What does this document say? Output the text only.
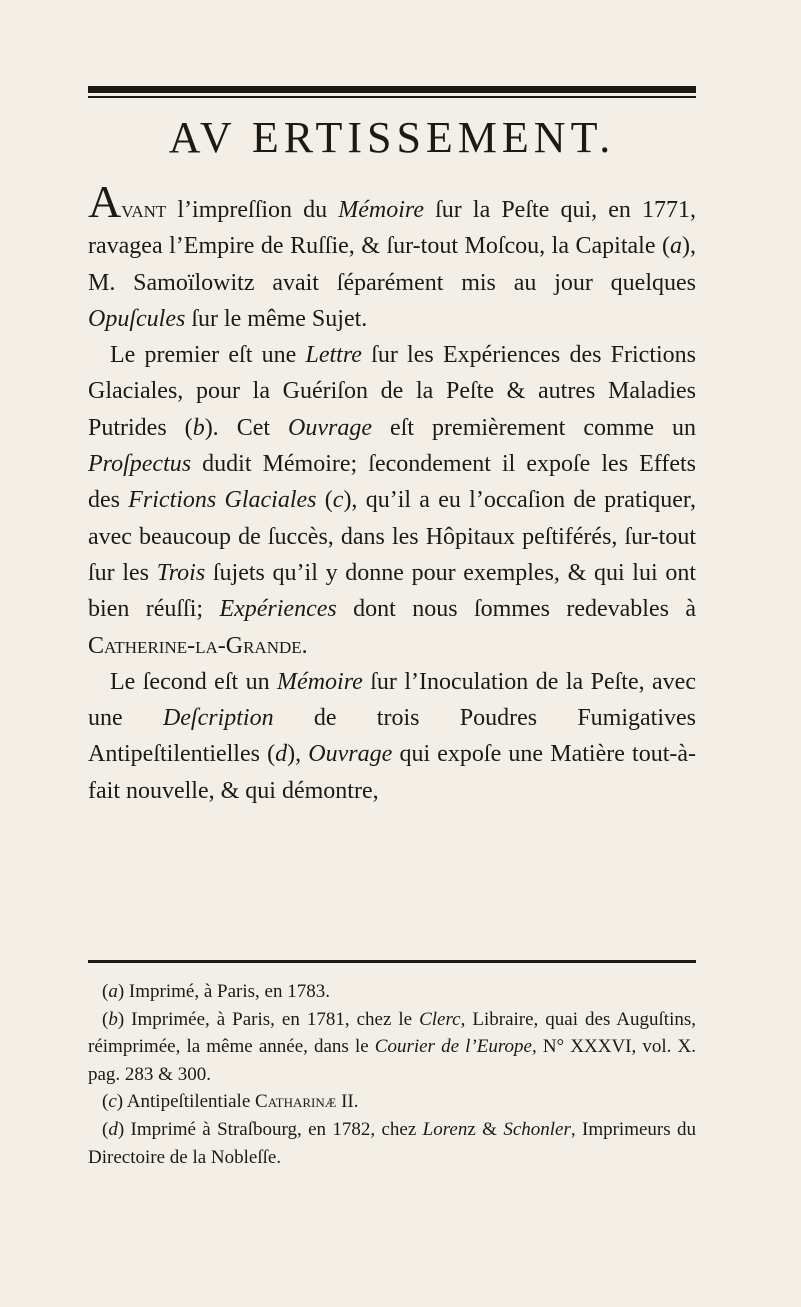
AV ERTISSEMENT.

Avant l’impreſſion du Mémoire ſur la Peſte qui, en 1771, ravagea l’Empire de Ruſſie, & ſur-tout Moſcou, la Capitale (a), M. Samoïlowitz avait ſéparément mis au jour quelques Opuſcules ſur le même Sujet.

Le premier eſt une Lettre ſur les Expériences des Frictions Glaciales, pour la Guériſon de la Peſte & autres Maladies Putrides (b). Cet Ouvrage eſt premièrement comme un Proſpectus dudit Mémoire; ſecondement il expoſe les Effets des Frictions Glaciales (c), qu’il a eu l’occaſion de pratiquer, avec beaucoup de ſuccès, dans les Hôpitaux peſtiférés, ſur-tout ſur les Trois ſujets qu’il y donne pour exemples, & qui lui ont bien réuſſi; Expériences dont nous ſommes redevables à Catherine-la-Grande.

Le ſecond eſt un Mémoire ſur l’Inoculation de la Peſte, avec une Deſcription de trois Poudres Fumigatives Antipeſtilentielles (d), Ouvrage qui expoſe une Matière tout-à-fait nouvelle, & qui démontre,

(a) Imprimé, à Paris, en 1783.

(b) Imprimée, à Paris, en 1781, chez le Clerc, Libraire, quai des Auguſtins, réimprimée, la même année, dans le Courier de l’Europe, N° XXXVI, vol. X. pag. 283 & 300.

(c) Antipeſtilentiale Catharinæ II.

(d) Imprimé à Straſbourg, en 1782, chez Lorenz & Schonler, Imprimeurs du Directoire de la Nobleſſe.
